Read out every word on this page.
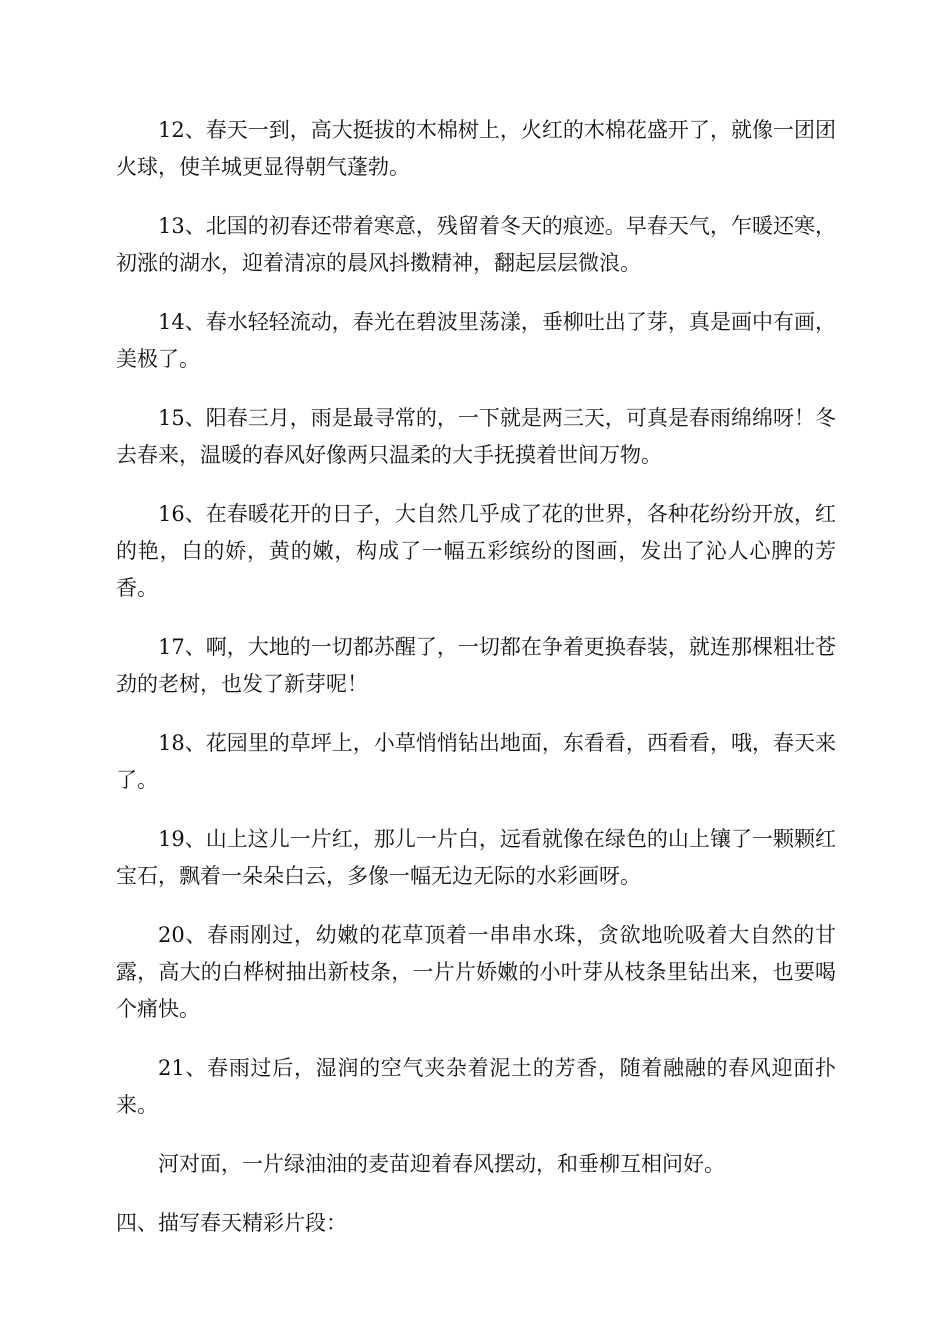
12、春天一到，高大挺拔的木棉树上，火红的木棉花盛开了，就像一团团火球，使羊城更显得朝气蓬勃。

13、北国的初春还带着寒意，残留着冬天的痕迹。早春天气，乍暖还寒，初涨的湖水，迎着清凉的晨风抖擞精神，翻起层层微浪。

14、春水轻轻流动，春光在碧波里荡漾，垂柳吐出了芽，真是画中有画，美极了。

15、阳春三月，雨是最寻常的，一下就是两三天，可真是春雨绵绵呀！冬去春来，温暖的春风好像两只温柔的大手抚摸着世间万物。

16、在春暖花开的日子，大自然几乎成了花的世界，各种花纷纷开放，红的艳，白的娇，黄的嫩，构成了一幅五彩缤纷的图画，发出了沁人心脾的芳香。

17、啊，大地的一切都苏醒了，一切都在争着更换春装，就连那棵粗壮苍劲的老树，也发了新芽呢！

18、花园里的草坪上，小草悄悄钻出地面，东看看，西看看，哦，春天来了。

19、山上这儿一片红，那儿一片白，远看就像在绿色的山上镶了一颗颗红宝石，飘着一朵朵白云，多像一幅无边无际的水彩画呀。

20、春雨刚过，幼嫩的花草顶着一串串水珠，贪欲地吮吸着大自然的甘露，高大的白桦树抽出新枝条，一片片娇嫩的小叶芽从枝条里钻出来，也要喝个痛快。

21、春雨过后，湿润的空气夹杂着泥土的芳香，随着融融的春风迎面扑来。

河对面，一片绿油油的麦苗迎着春风摆动，和垂柳互相问好。

四、描写春天精彩片段：
